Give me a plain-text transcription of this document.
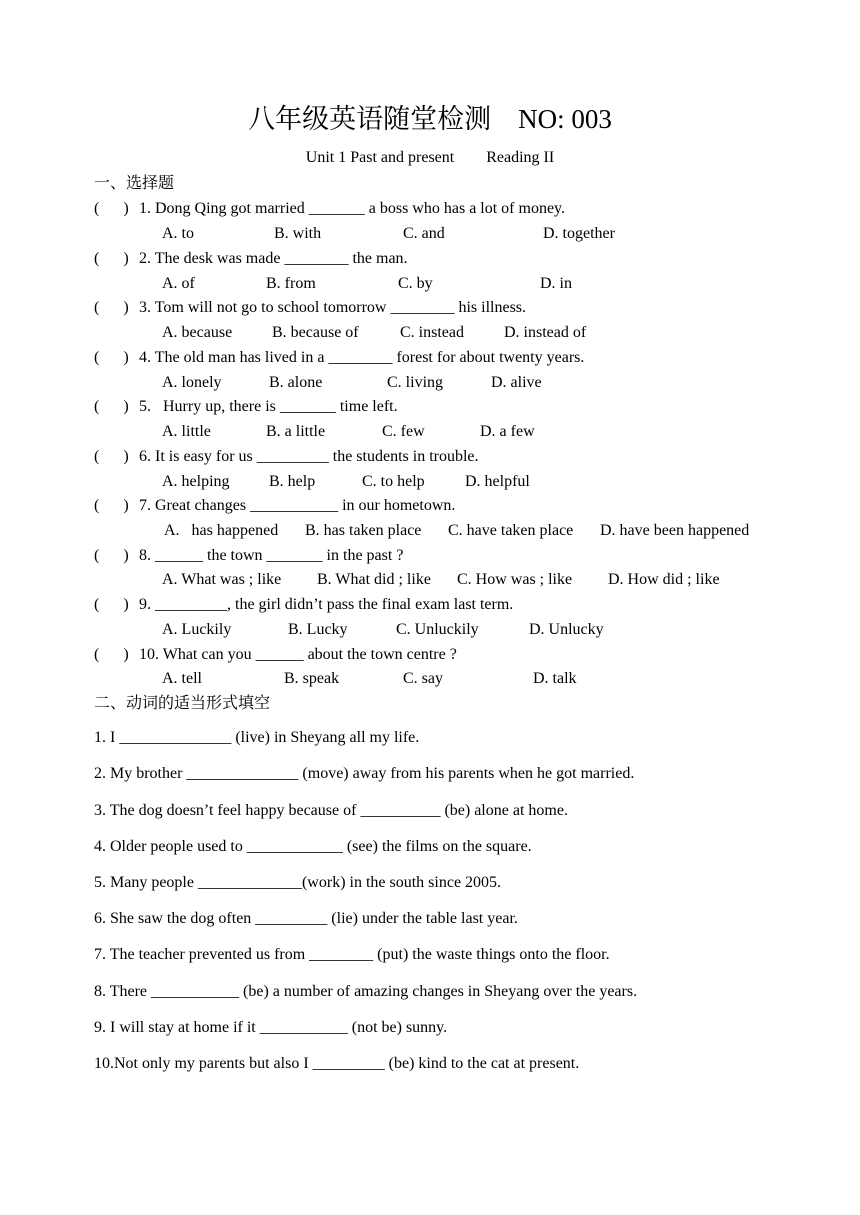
八年级英语随堂检测    NO: 003
Unit 1 Past and present        Reading II
一、选择题
(      ) 1. Dong Qing got married _______ a boss who has a lot of money.
A. to	B. with	C. and	D. together
(      ) 2. The desk was made ________ the man.
A. of	B. from	C. by	D. in
(      ) 3. Tom will not go to school tomorrow ________ his illness.
A. because B. because of	C. instead	D. instead of
(      ) 4. The old man has lived in a ________ forest for about twenty years.
A. lonely	B. alone	C. living	D. alive
(      ) 5.   Hurry up, there is _______ time left.
A. little	B. a little	C. few	D. a few
(      ) 6. It is easy for us _________ the students in trouble.
A. helping B. help	C. to help	D. helpful
(      ) 7. Great changes ___________ in our hometown.
A.   has happened B. has taken place C. have taken place D. have been happened
(      ) 8. ______ the town _______ in the past ?
A. What was ; like B. What did ; like C. How was ; like D. How did ; like
(      ) 9. _________, the girl didn’t pass the final exam last term.
A. Luckily	B. Lucky	C. Unluckily	D. Unlucky
(      ) 10. What can you ______ about the town centre ?
A. tell	B. speak	C. say	D. talk
二、动词的适当形式填空
1. I ______________ (live) in Sheyang all my life.
2. My brother ______________ (move) away from his parents when he got married.
3. The dog doesn’t feel happy because of __________ (be) alone at home.
4. Older people used to ____________ (see) the films on the square.
5. Many people _____________(work) in the south since 2005.
6. She saw the dog often _________ (lie) under the table last year.
7. The teacher prevented us from ________ (put) the waste things onto the floor.
8. There ___________ (be) a number of amazing changes in Sheyang over the years.
9. I will stay at home if it ___________ (not be) sunny.
10.Not only my parents but also I _________ (be) kind to the cat at present.
